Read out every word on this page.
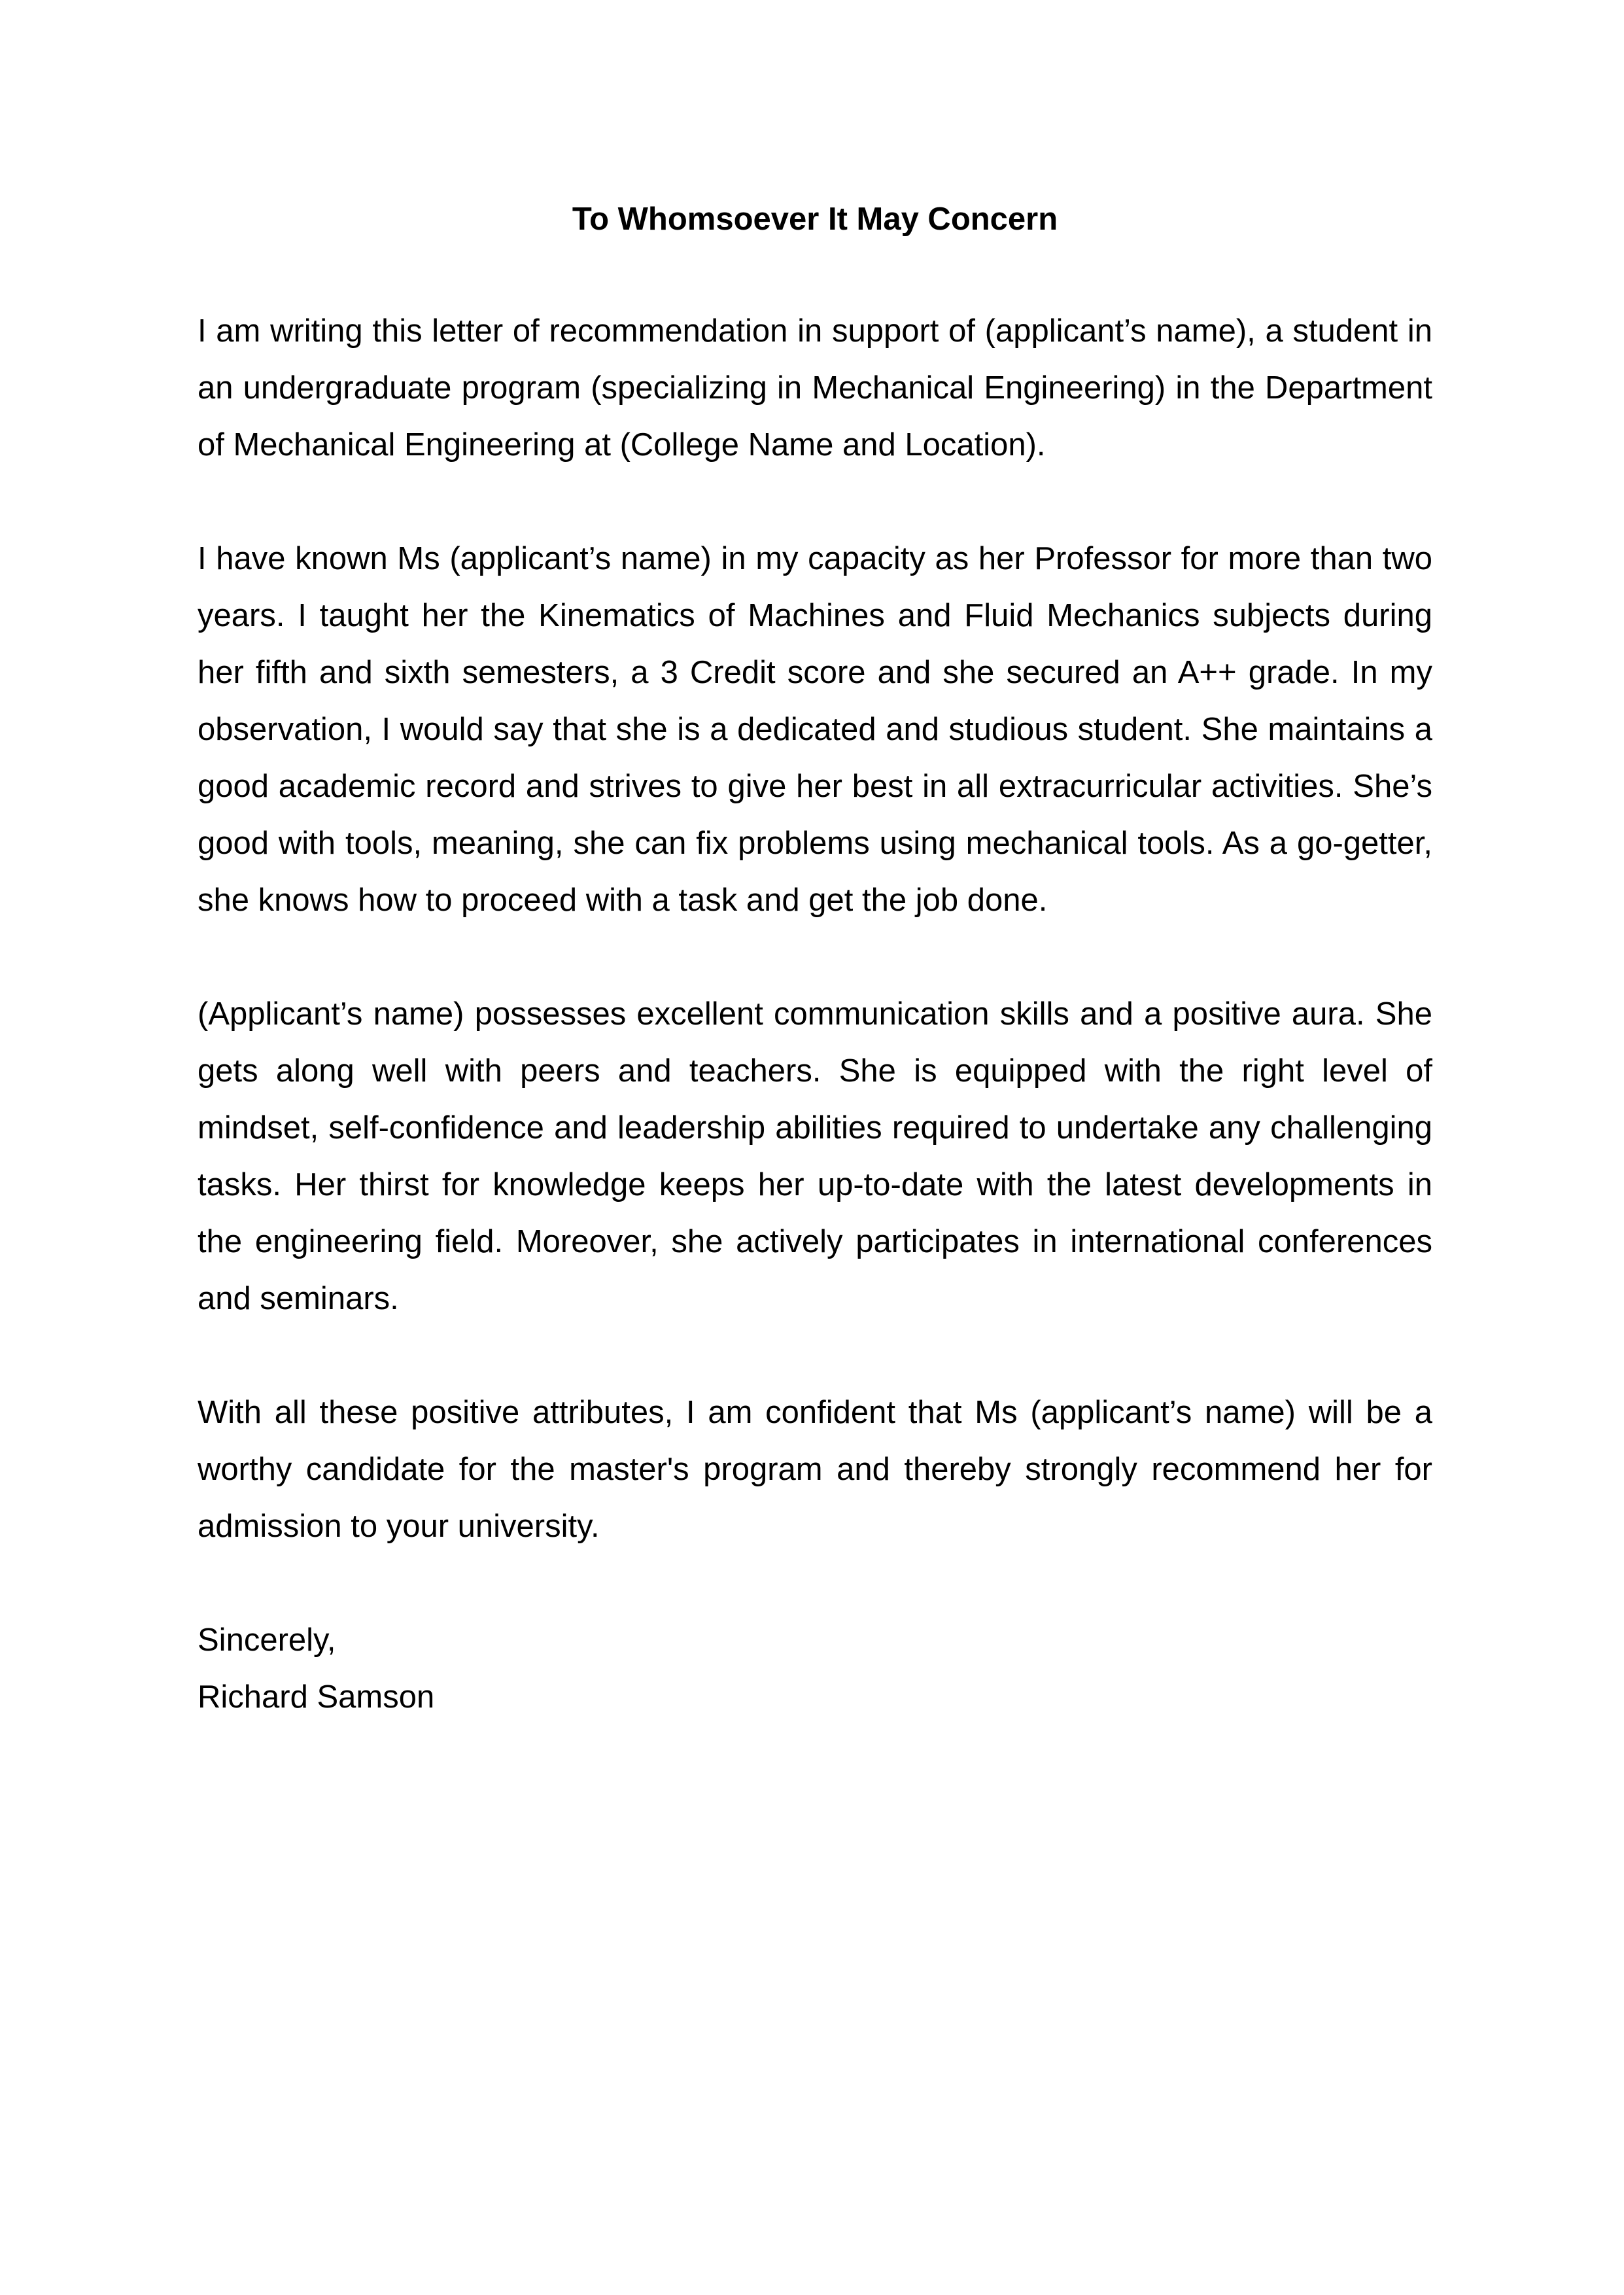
To Whomsoever It May Concern

I am writing this letter of recommendation in support of (applicant’s name), a student in an undergraduate program (specializing in Mechanical Engineering) in the Department of Mechanical Engineering at (College Name and Location).

I have known Ms (applicant’s name) in my capacity as her Professor for more than two years. I taught her the Kinematics of Machines and Fluid Mechanics subjects during her fifth and sixth semesters, a 3 Credit score and she secured an A++ grade. In my observation, I would say that she is a dedicated and studious student. She maintains a good academic record and strives to give her best in all extracurricular activities. She’s good with tools, meaning, she can fix problems using mechanical tools. As a go-getter, she knows how to proceed with a task and get the job done.

(Applicant’s name) possesses excellent communication skills and a positive aura. She gets along well with peers and teachers. She is equipped with the right level of mindset, self-confidence and leadership abilities required to undertake any challenging tasks. Her thirst for knowledge keeps her up-to-date with the latest developments in the engineering field. Moreover, she actively participates in international conferences and seminars.

With all these positive attributes, I am confident that Ms (applicant’s name) will be a worthy candidate for the master's program and thereby strongly recommend her for admission to your university.

Sincerely,

Richard Samson
